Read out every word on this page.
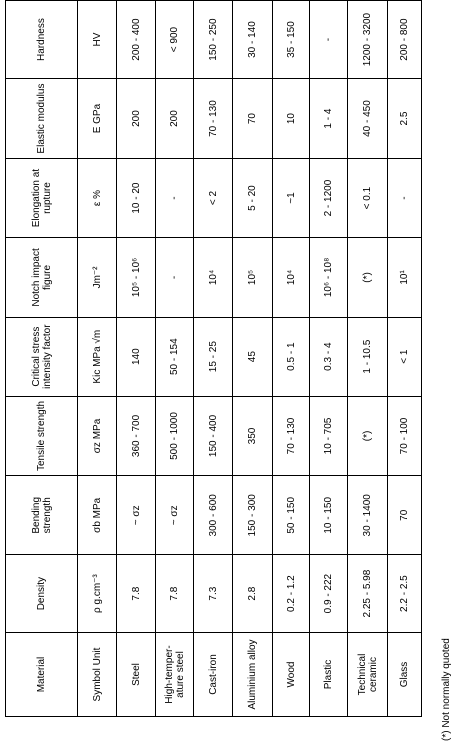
Material	Density	Bending strength	Tensile strength	Critical stress intensity factor	Notch impact figure	Elongation at rupture	Elastic modulus	Hardness
Symbol Unit	ρ g.cm⁻³	σb MPa	σz MPa	Kic MPa √m	Jm⁻²	ε %	E GPa	HV
Steel	7.8	~ σz	360 - 700	140	10⁵ - 10⁶	10 - 20	200	200 - 400
High-temper-ature steel	7.8	~ σz	500 - 1000	50 - 154	-	-	200	< 900
Cast-iron	7.3	300 - 600	150 - 400	15 - 25	10⁴	< 2	70 - 130	150 - 250
Aluminium alloy	2.8	150 - 300	350	45	10⁵	5 - 20	70	30 - 140
Wood	0.2 - 1.2	50 - 150	70 - 130	0.5 - 1	10⁴	~1	10	35 - 150
Plastic	0.9 - 222	10 - 150	10 - 705	0.3 - 4	10⁶ - 10⁸	2 - 1200	1 - 4	-
Technical ceramic	2.25 - 5.98	30 - 1400	(*)	1 - 10.5	(*)	< 0.1	40 - 450	1200 - 3200
Glass	2.2 - 2.5	70	70 - 100	< 1	10¹	-	2.5	200 - 800
(*) Not normally quoted
